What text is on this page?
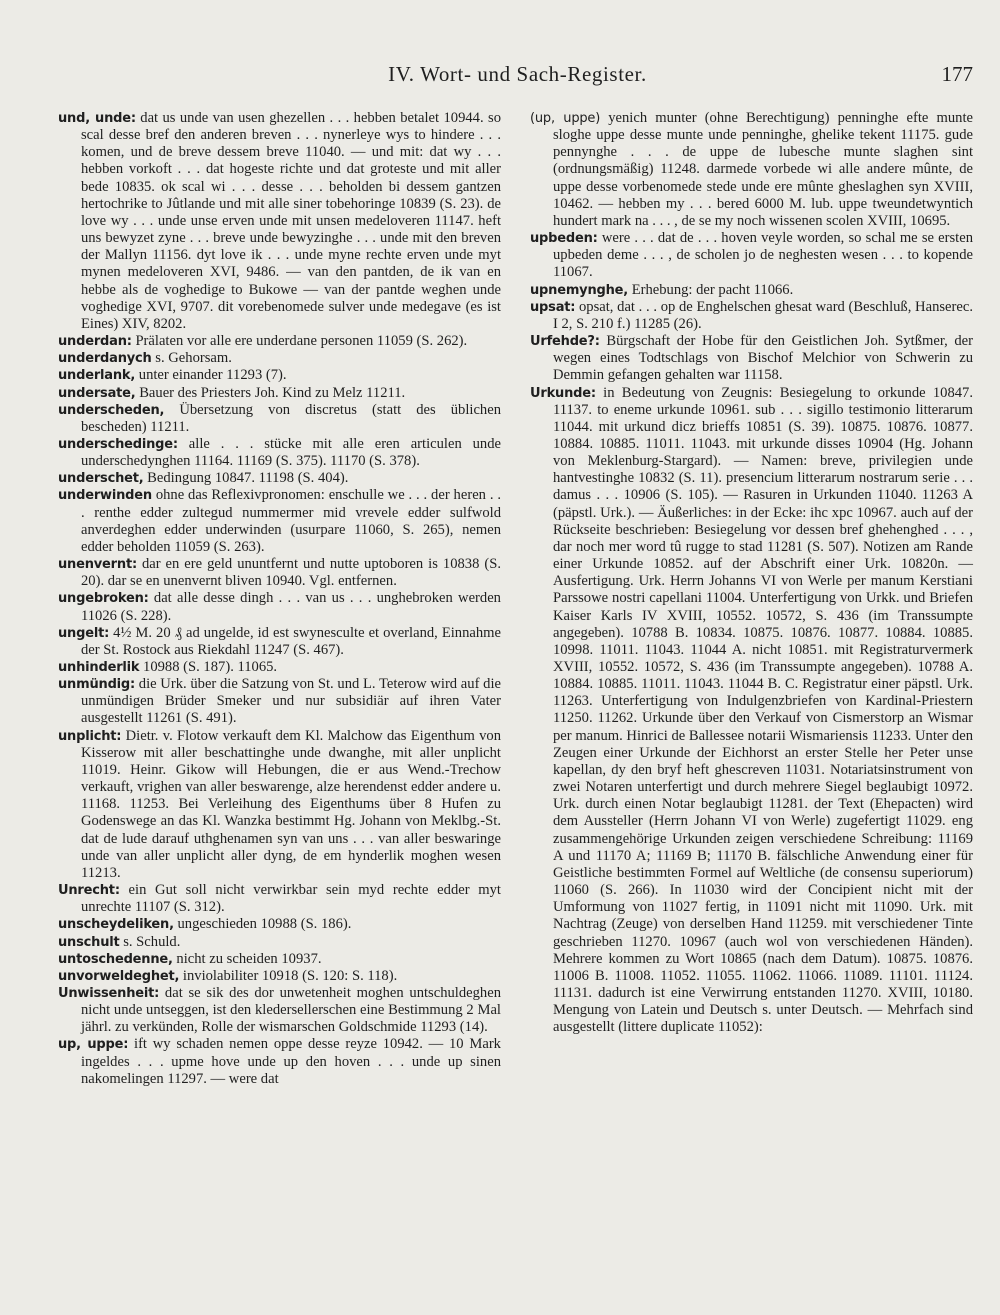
IV. Wort- und Sach-Register.	177

und, unde: dat us unde van usen ghezellen . . . hebben betalet 10944. so scal desse bref den anderen breven . . . nynerleye wys to hindere . . . komen, und de breve dessem breve 11040. — und mit: dat wy . . . hebben vorkoft . . . dat hogeste richte und dat groteste und mit aller bede 10835. ok scal wi . . . desse . . . beholden bi dessem gantzen hertochrike to Jûtlande und mit alle siner tobehoringe 10839 (S. 23). de love wy . . . unde unse erven unde mit unsen medeloveren 11147. heft uns bewyzet zyne . . . breve unde bewyzinghe . . . unde mit den breven der Mallyn 11156. dyt love ik . . . unde myne rechte erven unde myt mynen medeloveren XVI, 9486. — van den pantden, de ik van en hebbe als de voghedige to Bukowe — van der pantde weghen unde voghedige XVI, 9707. dit vorebenomede sulver unde medegave (es ist Eines) XIV, 8202.

underdan: Prälaten vor alle ere underdane personen 11059 (S. 262).

underdanych s. Gehorsam.

underlank, unter einander 11293 (7).

undersate, Bauer des Priesters Joh. Kind zu Melz 11211.

underscheden, Übersetzung von discretus (statt des üblichen bescheden) 11211.

underschedinge: alle . . . stücke mit alle eren articulen unde underschedynghen 11164. 11169 (S. 375). 11170 (S. 378).

underschet, Bedingung 10847. 11198 (S. 404).

underwinden ohne das Reflexivpronomen: enschulle we . . . der heren . . . renthe edder zultegud nummermer mid vrevele edder sulfwold anverdeghen edder underwinden (usurpare 11060, S. 265), nemen edder beholden 11059 (S. 263).

unenvernt: dar en ere geld ununtfernt und nutte uptoboren is 10838 (S. 20). dar se en unenvernt bliven 10940. Vgl. entfernen.

ungebroken: dat alle desse dingh . . . van us . . . unghebroken werden 11026 (S. 228).

ungelt: 4½ M. 20 ₰ ad ungelde, id est swynesculte et overland, Einnahme der St. Rostock aus Riekdahl 11247 (S. 467).

unhinderlik 10988 (S. 187). 11065.

unmündig: die Urk. über die Satzung von St. und L. Teterow wird auf die unmündigen Brüder Smeker und nur subsidiär auf ihren Vater ausgestellt 11261 (S. 491).

unplicht: Dietr. v. Flotow verkauft dem Kl. Malchow das Eigenthum von Kisserow mit aller beschattinghe unde dwanghe, mit aller unplicht 11019. Heinr. Gikow will Hebungen, die er aus Wend.-Trechow verkauft, vrighen van aller beswarenge, alze herendenst edder andere u. 11168. 11253. Bei Verleihung des Eigenthums über 8 Hufen zu Godenswege an das Kl. Wanzka bestimmt Hg. Johann von Meklbg.-St. dat de lude darauf uthghenamen syn van uns . . . van aller beswaringe unde van aller unplicht aller dyng, de em hynderlik moghen wesen 11213.

Unrecht: ein Gut soll nicht verwirkbar sein myd rechte edder myt unrechte 11107 (S. 312).

unscheydeliken, ungeschieden 10988 (S. 186).

unschult s. Schuld.

untoschedenne, nicht zu scheiden 10937.

unvorweldeghet, inviolabiliter 10918 (S. 120: S. 118).

Unwissenheit: dat se sik des dor unwetenheit moghen untschuldeghen nicht unde untseggen, ist den kledersellerschen eine Bestimmung 2 Mal jährl. zu verkünden, Rolle der wismarschen Goldschmide 11293 (14).

up, uppe: ift wy schaden nemen oppe desse reyze 10942. — 10 Mark ingeldes . . . upme hove unde up den hoven . . . unde up sinen nakomelingen 11297. — were dat

(up, uppe) yenich munter (ohne Berechtigung) penninghe efte munte sloghe uppe desse munte unde penninghe, ghelike tekent 11175. gude pennynghe . . . de uppe de lubesche munte slaghen sint (ordnungsmäßig) 11248. darmede vorbede wi alle andere mûnte, de uppe desse vorbenomede stede unde ere mûnte gheslaghen syn XVIII, 10462. — hebben my . . . bered 6000 M. lub. uppe tweundetwyntich hundert mark na . . . , de se my noch wissenen scolen XVIII, 10695.

upbeden: were . . . dat de . . . hoven veyle worden, so schal me se ersten upbeden deme . . . , de scholen jo de neghesten wesen . . . to kopende 11067.

upnemynghe, Erhebung: der pacht 11066.

upsat: opsat, dat . . . op de Enghelschen ghesat ward (Beschluß, Hanserec. I 2, S. 210 f.) 11285 (26).

Urfehde?: Bürgschaft der Hobe für den Geistlichen Joh. Sytßmer, der wegen eines Todtschlags von Bischof Melchior von Schwerin zu Demmin gefangen gehalten war 11158.

Urkunde: in Bedeutung von Zeugnis: Besiegelung to orkunde 10847. 11137. to eneme urkunde 10961. sub . . . sigillo testimonio litterarum 11044. mit urkund dicz brieffs 10851 (S. 39). 10875. 10876. 10877. 10884. 10885. 11011. 11043. mit urkunde disses 10904 (Hg. Johann von Meklenburg-Stargard). — Namen: breve, privilegien unde hantvestinghe 10832 (S. 11). presencium litterarum nostrarum serie . . . damus . . . 10906 (S. 105). — Rasuren in Urkunden 11040. 11263 A (päpstl. Urk.). — Äußerliches: in der Ecke: ihc xpc 10967. auch auf der Rückseite beschrieben: Besiegelung vor dessen bref ghehenghed . . . , dar noch mer word tû rugge to stad 11281 (S. 507). Notizen am Rande einer Urkunde 10852. auf der Abschrift einer Urk. 10820n. — Ausfertigung. Urk. Herrn Johanns VI von Werle per manum Kerstiani Parssowe nostri capellani 11004. Unterfertigung von Urkk. und Briefen Kaiser Karls IV XVIII, 10552. 10572, S. 436 (im Transsumpte angegeben). 10788 B. 10834. 10875. 10876. 10877. 10884. 10885. 10998. 11011. 11043. 11044 A. nicht 10851. mit Registraturvermerk XVIII, 10552. 10572, S. 436 (im Transsumpte angegeben). 10788 A. 10884. 10885. 11011. 11043. 11044 B. C. Registratur einer päpstl. Urk. 11263. Unterfertigung von Indulgenzbriefen von Kardinal-Priestern 11250. 11262. Urkunde über den Verkauf von Cismerstorp an Wismar per manum. Hinrici de Ballessee notarii Wismariensis 11233. Unter den Zeugen einer Urkunde der Eichhorst an erster Stelle her Peter unse kapellan, dy den bryf heft ghescreven 11031. Notariatsinstrument von zwei Notaren unterfertigt und durch mehrere Siegel beglaubigt 10972. Urk. durch einen Notar beglaubigt 11281. der Text (Ehepacten) wird dem Aussteller (Herrn Johann VI von Werle) zugefertigt 11029. eng zusammengehörige Urkunden zeigen verschiedene Schreibung: 11169 A und 11170 A; 11169 B; 11170 B. fälschliche Anwendung einer für Geistliche bestimmten Formel auf Weltliche (de consensu superiorum) 11060 (S. 266). In 11030 wird der Concipient nicht mit der Umformung von 11027 fertig, in 11091 nicht mit 11090. Urk. mit Nachtrag (Zeuge) von derselben Hand 11259. mit verschiedener Tinte geschrieben 11270. 10967 (auch wol von verschiedenen Händen). Mehrere kommen zu Wort 10865 (nach dem Datum). 10875. 10876. 11006 B. 11008. 11052. 11055. 11062. 11066. 11089. 11101. 11124. 11131. dadurch ist eine Verwirrung entstanden 11270. XVIII, 10180. Mengung von Latein und Deutsch s. unter Deutsch. — Mehrfach sind ausgestellt (littere duplicate 11052):
